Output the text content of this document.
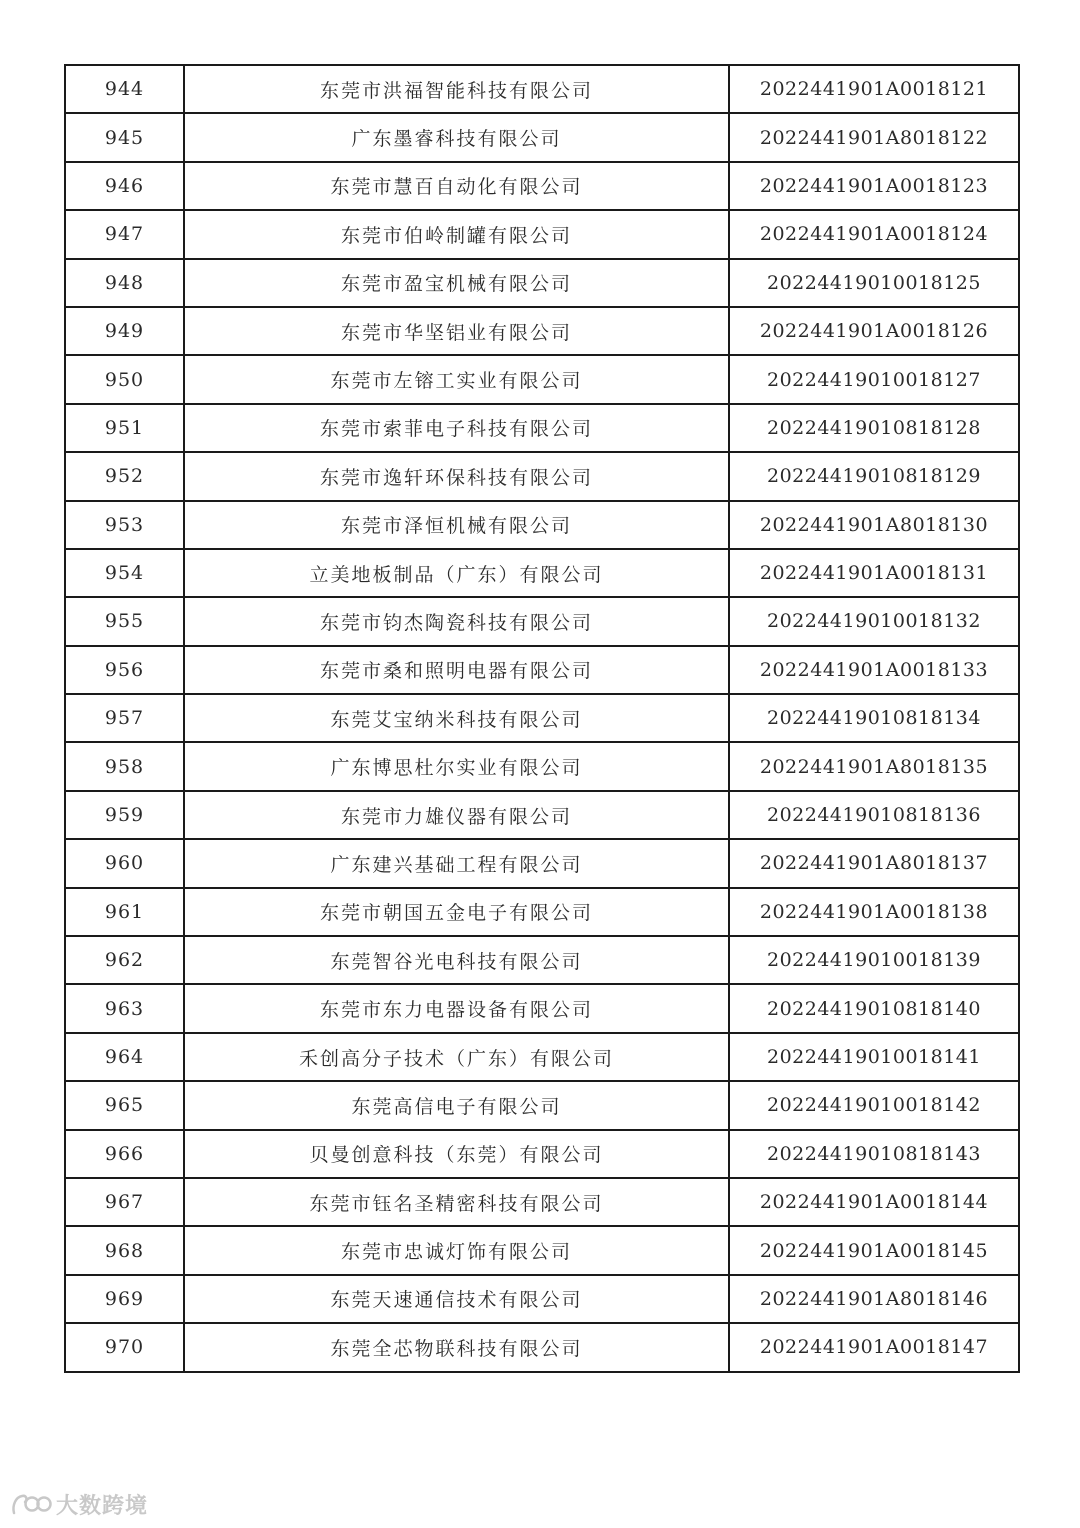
944	东莞市洪福智能科技有限公司	2022441901A0018121
945	广东墨睿科技有限公司	2022441901A8018122
946	东莞市慧百自动化有限公司	2022441901A0018123
947	东莞市伯岭制罐有限公司	2022441901A0018124
948	东莞市盈宝机械有限公司	20224419010018125
949	东莞市华坚铝业有限公司	2022441901A0018126
950	东莞市左镕工实业有限公司	20224419010018127
951	东莞市索菲电子科技有限公司	20224419010818128
952	东莞市逸轩环保科技有限公司	20224419010818129
953	东莞市泽恒机械有限公司	2022441901A8018130
954	立美地板制品（广东）有限公司	2022441901A0018131
955	东莞市钧杰陶瓷科技有限公司	20224419010018132
956	东莞市桑和照明电器有限公司	2022441901A0018133
957	东莞艾宝纳米科技有限公司	20224419010818134
958	广东博思杜尔实业有限公司	2022441901A8018135
959	东莞市力雄仪器有限公司	20224419010818136
960	广东建兴基础工程有限公司	2022441901A8018137
961	东莞市朝国五金电子有限公司	2022441901A0018138
962	东莞智谷光电科技有限公司	20224419010018139
963	东莞市东力电器设备有限公司	20224419010818140
964	禾创高分子技术（广东）有限公司	20224419010018141
965	东莞高信电子有限公司	20224419010018142
966	贝曼创意科技（东莞）有限公司	20224419010818143
967	东莞市钰名圣精密科技有限公司	2022441901A0018144
968	东莞市忠诚灯饰有限公司	2022441901A0018145
969	东莞天速通信技术有限公司	2022441901A8018146
970	东莞全芯物联科技有限公司	2022441901A0018147
大数跨境
